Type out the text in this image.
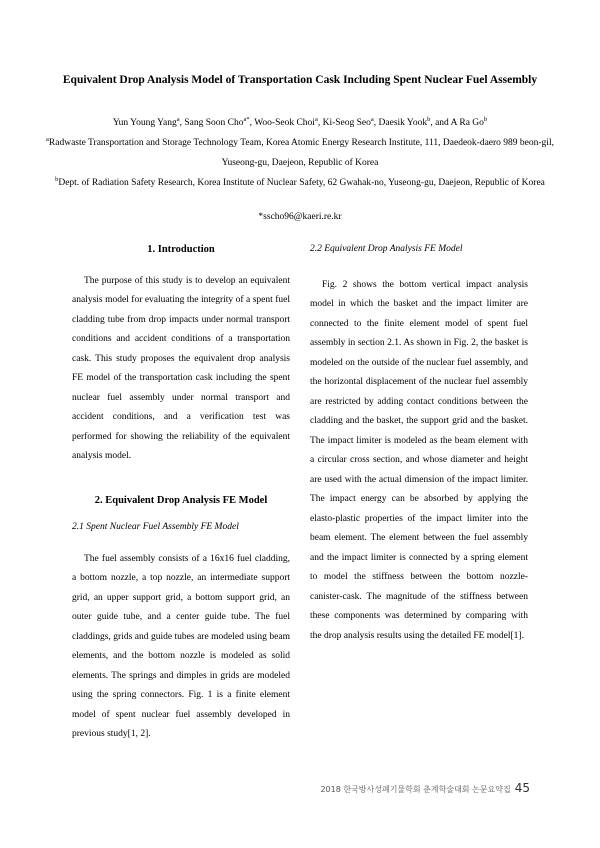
Equivalent Drop Analysis Model of Transportation Cask Including Spent Nuclear Fuel Assembly
Yun Young Yang$^a$, Sang Soon Cho$^{a*}$, Woo-Seok Choi$^a$, Ki-Seog Seo$^a$, Daesik Yook$^b$, and A Ra Go$^b$
$^a$Radwaste Transportation and Storage Technology Team, Korea Atomic Energy Research Institute, 111, Daedeok-daero 989 beon-gil, Yuseong-gu, Daejeon, Republic of Korea
$^b$Dept. of Radiation Safety Research, Korea Institute of Nuclear Safety, 62 Gwahak-no, Yuseong-gu, Daejeon, Republic of Korea
*sscho96@kaeri.re.kr
1. Introduction

The purpose of this study is to develop an equivalent analysis model for evaluating the integrity of a spent fuel cladding tube from drop impacts under normal transport conditions and accident conditions of a transportation cask. This study proposes the equivalent drop analysis FE model of the transportation cask including the spent nuclear fuel assembly under normal transport and accident conditions, and a verification test was performed for showing the reliability of the equivalent analysis model.

2. Equivalent Drop Analysis FE Model
2.1 Spent Nuclear Fuel Assembly FE Model

The fuel assembly consists of a 16x16 fuel cladding, a bottom nozzle, a top nozzle, an intermediate support grid, an upper support grid, a bottom support grid, an outer guide tube, and a center guide tube. The fuel claddings, grids and guide tubes are modeled using beam elements, and the bottom nozzle is modeled as solid elements. The springs and dimples in grids are modeled using the spring connectors. Fig. 1 is a finite element model of spent nuclear fuel assembly developed in previous study[1, 2].

2.2 Equivalent Drop Analysis FE Model

Fig. 2 shows the bottom vertical impact analysis model in which the basket and the impact limiter are connected to the finite element model of spent fuel assembly in section 2.1. As shown in Fig. 2, the basket is modeled on the outside of the nuclear fuel assembly, and the horizontal displacement of the nuclear fuel assembly are restricted by adding contact conditions between the cladding and the basket, the support grid and the basket. The impact limiter is modeled as the beam element with a circular cross section, and whose diameter and height are used with the actual dimension of the impact limiter. The impact energy can be absorbed by applying the elasto-plastic properties of the impact limiter into the beam element. The element between the fuel assembly and the impact limiter is connected by a spring element to model the stiffness between the bottom nozzle-canister-cask. The magnitude of the stiffness between these components was determined by comparing with the drop analysis results using the detailed FE model[1].

2018 한국방사성폐기물학회 춘계학술대회 논문요약집 45
